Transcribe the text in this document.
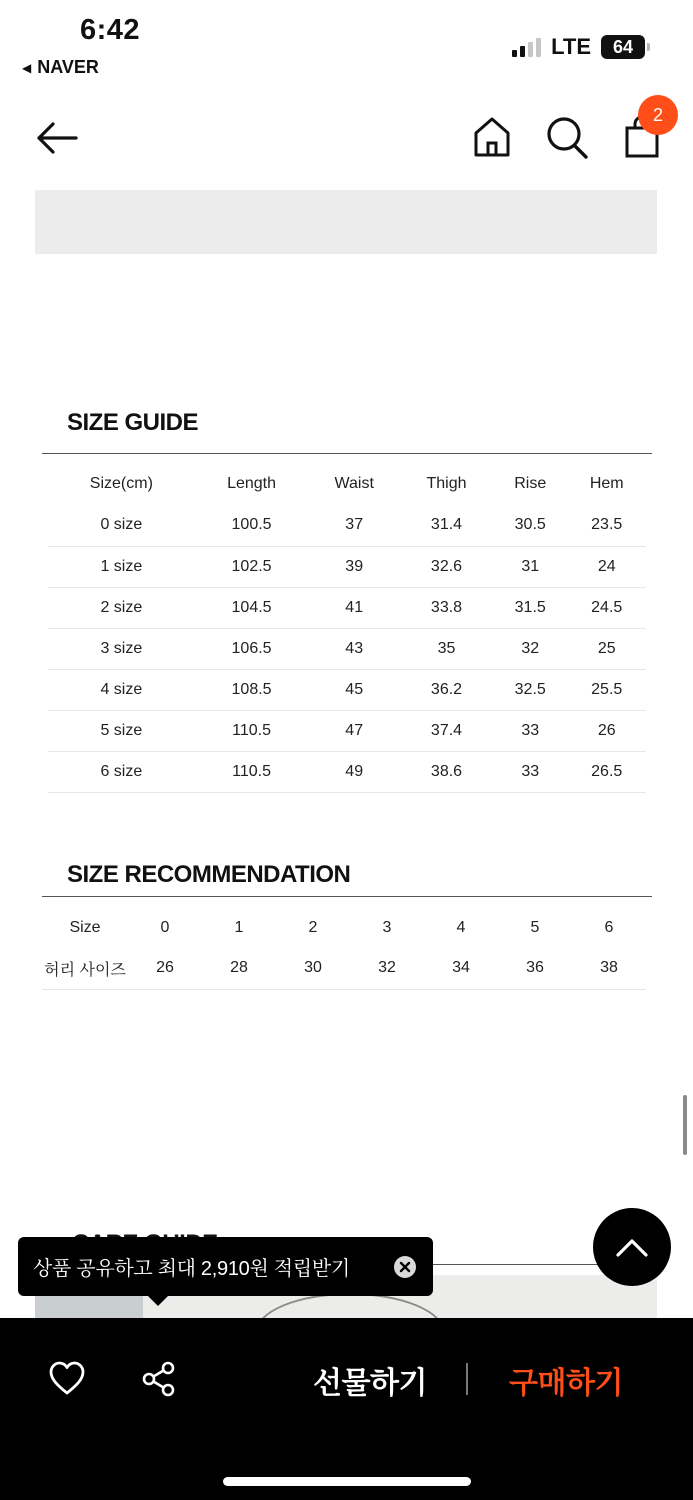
6:42
◀ NAVER
LTE 64
2
SIZE GUIDE
Size(cm)	Length	Waist	Thigh	Rise	Hem
0 size	100.5	37	31.4	30.5	23.5
1 size	102.5	39	32.6	31	24
2 size	104.5	41	33.8	31.5	24.5
3 size	106.5	43	35	32	25
4 size	108.5	45	36.2	32.5	25.5
5 size	110.5	47	37.4	33	26
6 size	110.5	49	38.6	33	26.5
SIZE RECOMMENDATION
Size	0	1	2	3	4	5	6
허리 사이즈	26	28	30	32	34	36	38
상품 공유하고 최대 2,910원 적립받기
선물하기	구매하기
